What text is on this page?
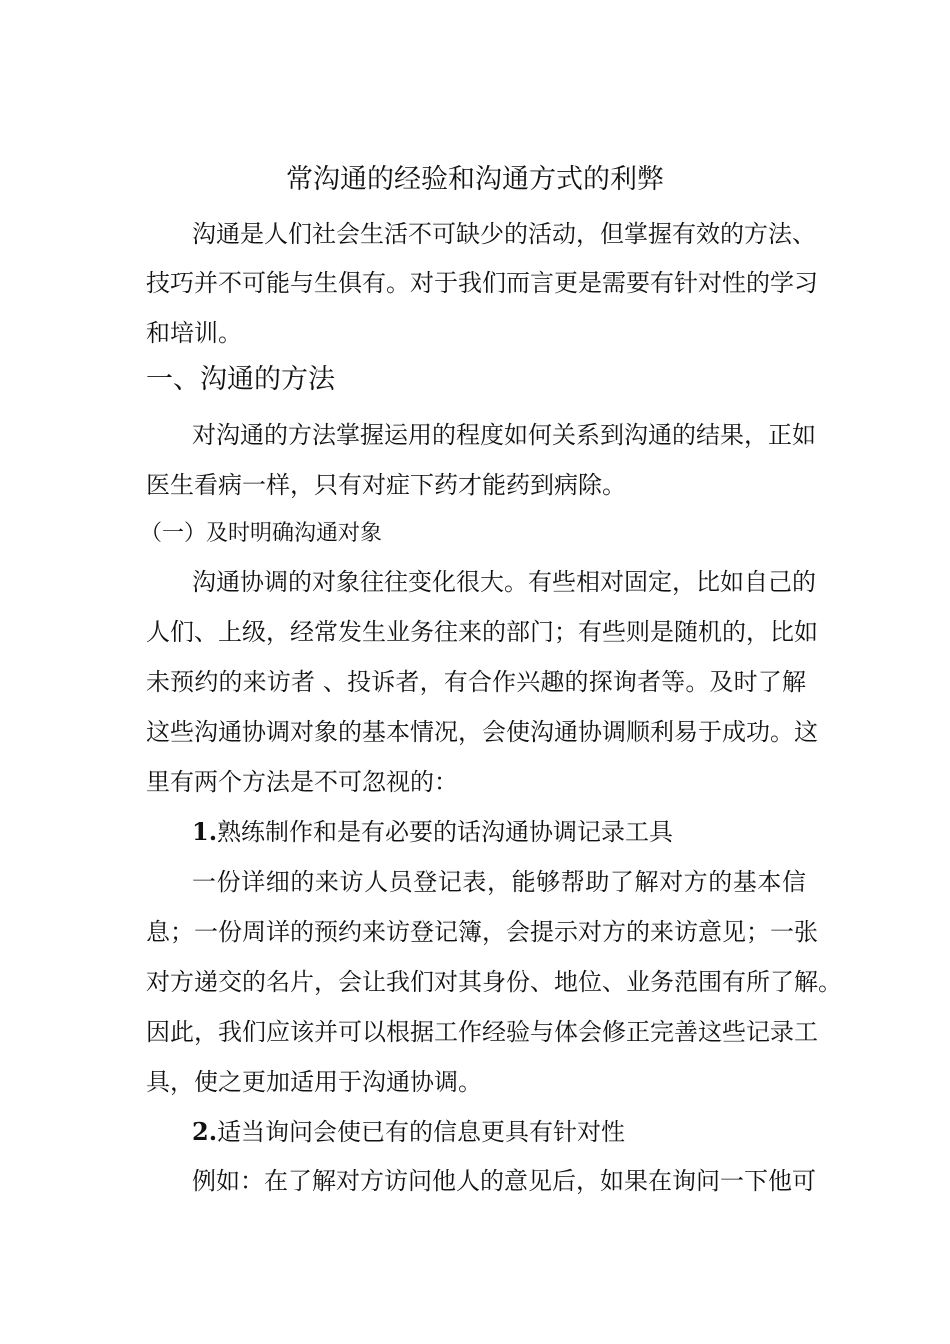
常沟通的经验和沟通方式的利弊
沟通是人们社会生活不可缺少的活动，但掌握有效的方法、
技巧并不可能与生俱有。对于我们而言更是需要有针对性的学习
和培训。
一、沟通的方法
对沟通的方法掌握运用的程度如何关系到沟通的结果，正如
医生看病一样，只有对症下药才能药到病除。
（一）及时明确沟通对象
沟通协调的对象往往变化很大。有些相对固定，比如自己的
人们、上级，经常发生业务往来的部门；有些则是随机的，比如
未预约的来访者 、投诉者，有合作兴趣的探询者等。及时了解
这些沟通协调对象的基本情况，会使沟通协调顺利易于成功。这
里有两个方法是不可忽视的：
1.熟练制作和是有必要的话沟通协调记录工具
一份详细的来访人员登记表，能够帮助了解对方的基本信
息；一份周详的预约来访登记簿，会提示对方的来访意见；一张
对方递交的名片，会让我们对其身份、地位、业务范围有所了解。
因此，我们应该并可以根据工作经验与体会修正完善这些记录工
具，使之更加适用于沟通协调。
2.适当询问会使已有的信息更具有针对性
例如：在了解对方访问他人的意见后，如果在询问一下他可
